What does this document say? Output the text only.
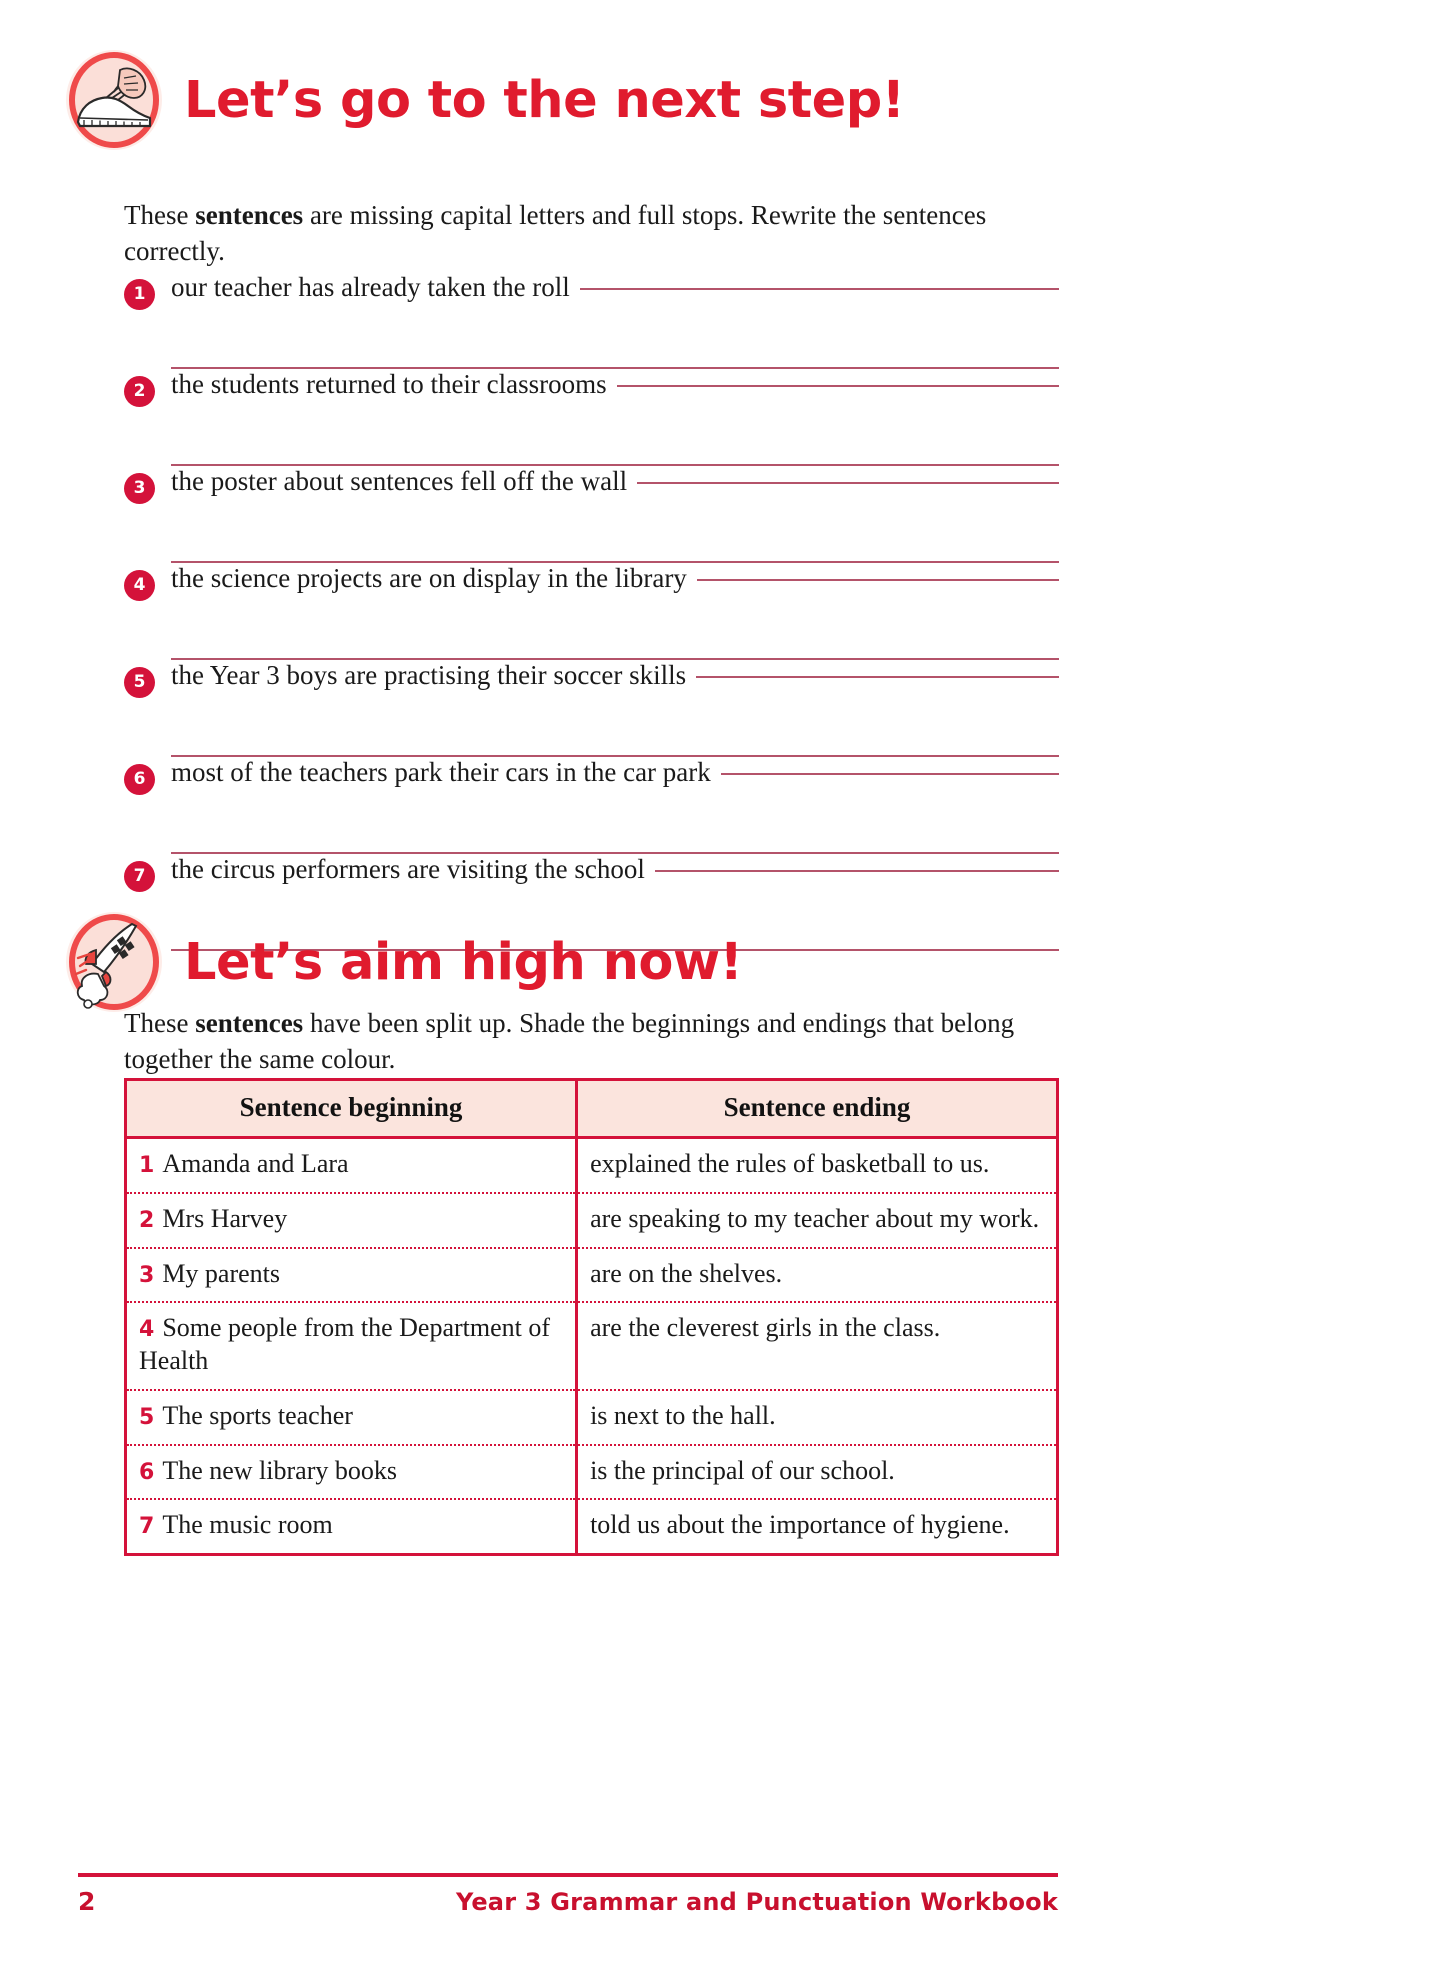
Let’s go to the next step!

These sentences are missing capital letters and full stops. Rewrite the sentences correctly.

1 our teacher has already taken the roll
2 the students returned to their classrooms
3 the poster about sentences fell off the wall
4 the science projects are on display in the library
5 the Year 3 boys are practising their soccer skills
6 most of the teachers park their cars in the car park
7 the circus performers are visiting the school
Let’s aim high now!

These sentences have been split up. Shade the beginnings and endings that belong together the same colour.

Sentence beginning	Sentence ending
1 Amanda and Lara	explained the rules of basketball to us.
2 Mrs Harvey	are speaking to my teacher about my work.
3 My parents	are on the shelves.
4 Some people from the Department of Health	are the cleverest girls in the class.
5 The sports teacher	is next to the hall.
6 The new library books	is the principal of our school.
7 The music room	told us about the importance of hygiene.
2	Year 3 Grammar and Punctuation Workbook
